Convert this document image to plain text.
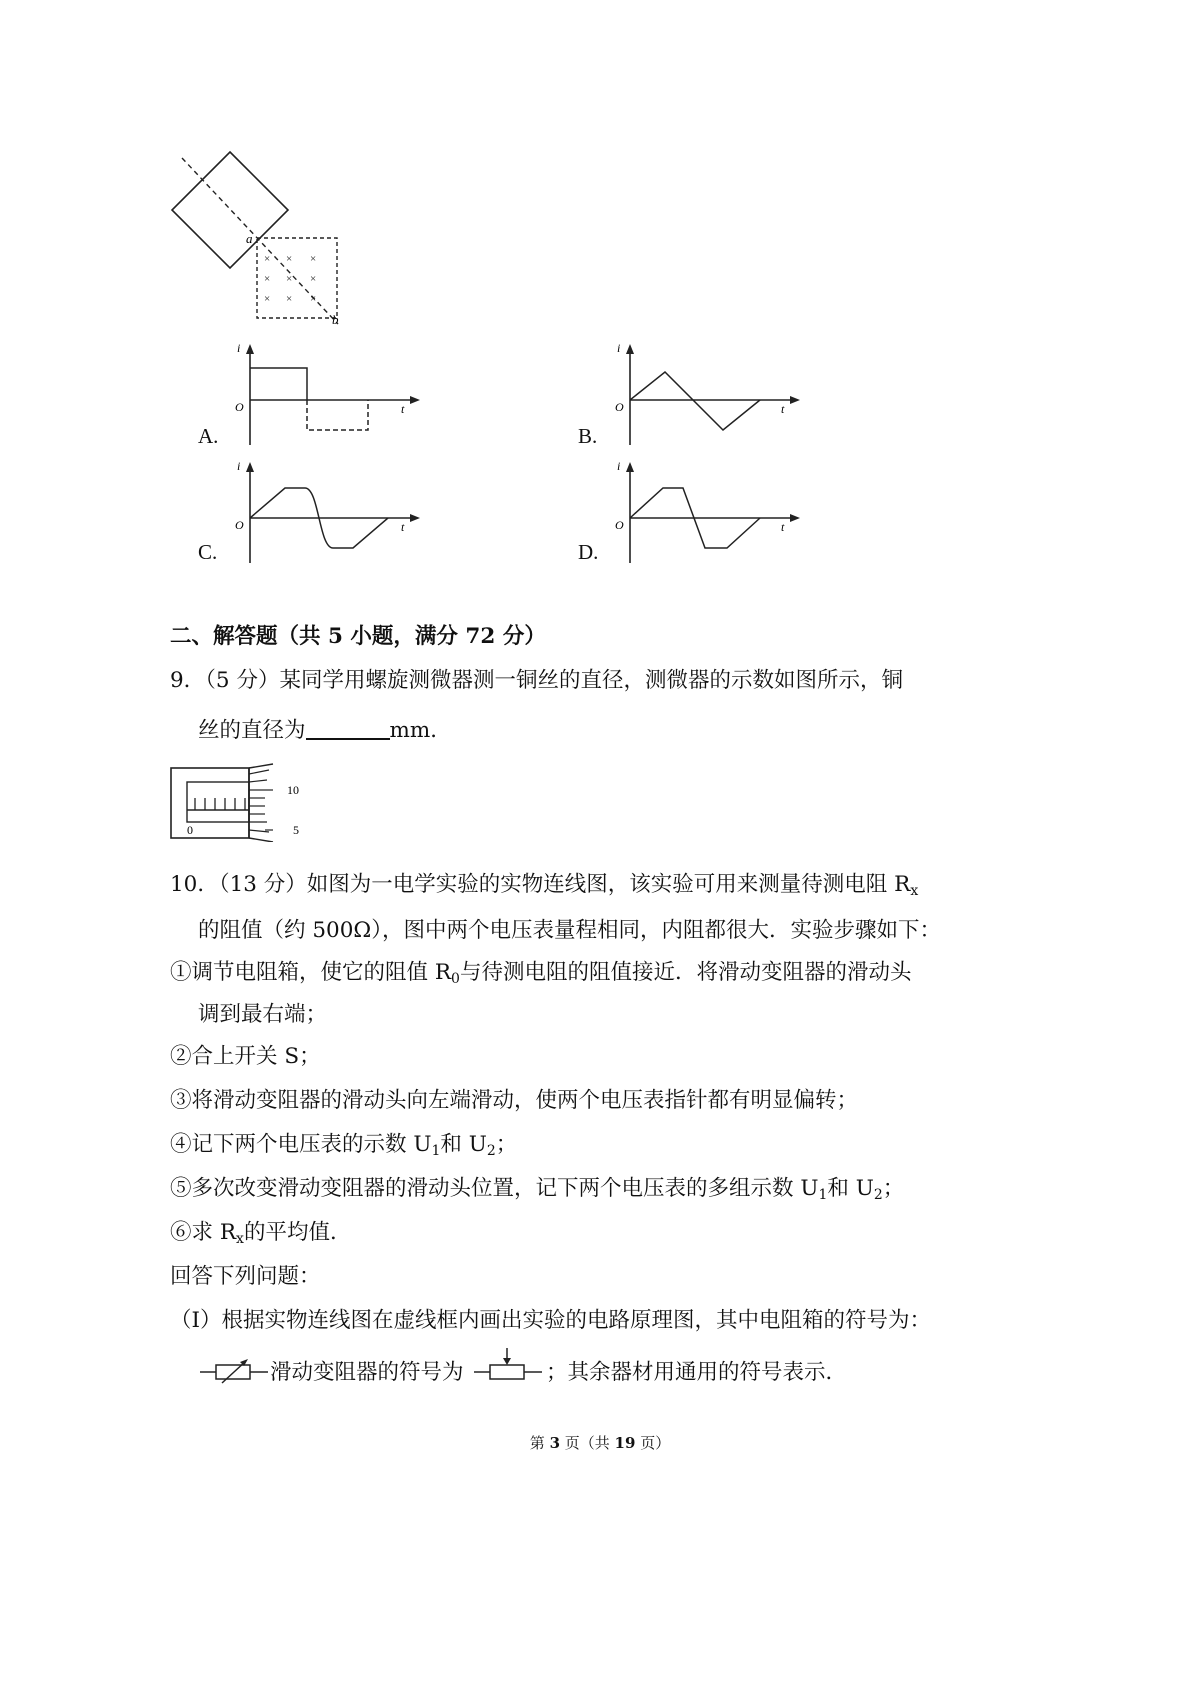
× × ×
× × ×
× × ×
a
b
i
O	t
A.
i
O	t
B.
i
O	t
C.
i
O	t
D.
二、解答题（共 5 小题，满分 72 分）
9．（5 分）某同学用螺旋测微器测一铜丝的直径，测微器的示数如图所示，铜
丝的直径为	mm．
10
5
0
10．（13 分）如图为一电学实验的实物连线图，该实验可用来测量待测电阻 $R_x$
的阻值（约 500Ω），图中两个电压表量程相同，内阻都很大．实验步骤如下：
①调节电阻箱，使它的阻值 $R_0$与待测电阻的阻值接近．将滑动变阻器的滑动头
调到最右端；
②合上开关 S；
③将滑动变阻器的滑动头向左端滑动，使两个电压表指针都有明显偏转；
④记下两个电压表的示数 $U_1$和 $U_2$；
⑤多次改变滑动变阻器的滑动头位置，记下两个电压表的多组示数 $U_1$和 $U_2$；
⑥求 $R_x$的平均值．
回答下列问题：
（Ⅰ）根据实物连线图在虚线框内画出实验的电路原理图，其中电阻箱的符号为：
滑动变阻器的符号为	；其余器材用通用的符号表示．
第 3 页（共 19 页）
